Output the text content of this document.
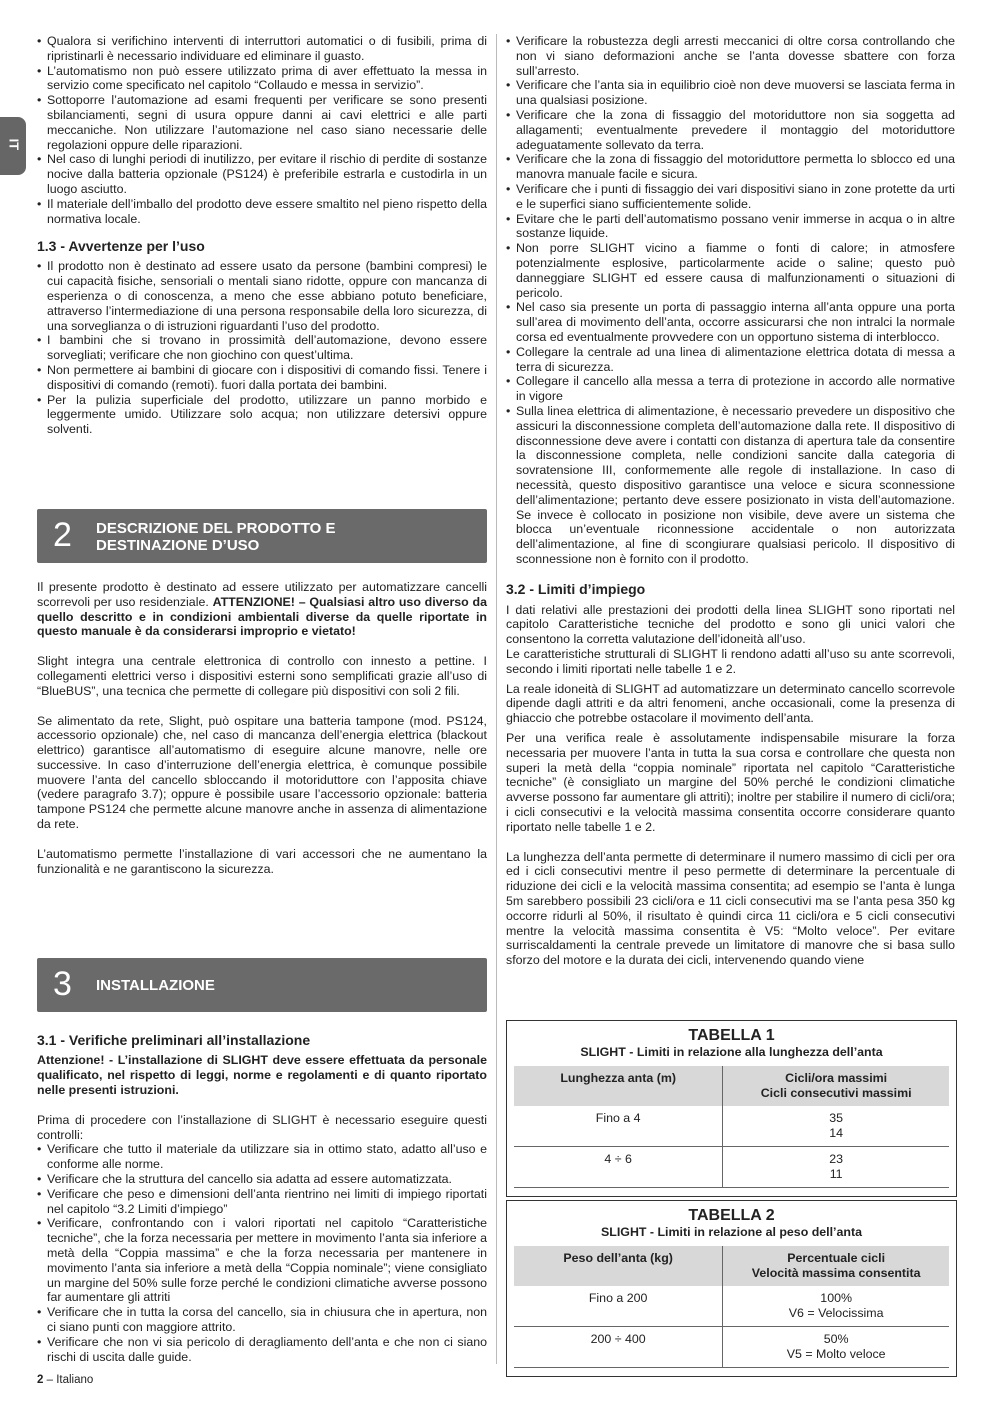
IT
• Qualora si verifichino interventi di interruttori automatici o di fusibili, prima di ripristinarli è necessario individuare ed eliminare il guasto.
• L’automatismo non può essere utilizzato prima di aver effettuato la messa in servizio come specificato nel capitolo “Collaudo e messa in servizio”.
• Sottoporre l’automazione ad esami frequenti per verificare se sono presenti sbilanciamenti, segni di usura oppure danni ai cavi elettrici e alle parti meccaniche. Non utilizzare l’automazione nel caso siano necessarie delle regolazioni oppure delle riparazioni.
• Nel caso di lunghi periodi di inutilizzo, per evitare il rischio di perdite di sostanze nocive dalla batteria opzionale (PS124) è preferibile estrarla e custodirla in un luogo asciutto.
• Il materiale dell’imballo del prodotto deve essere smaltito nel pieno rispetto della normativa locale.
1.3 - Avvertenze per l’uso
• Il prodotto non è destinato ad essere usato da persone (bambini compresi) le cui capacità fisiche, sensoriali o mentali siano ridotte, oppure con mancanza di esperienza o di conoscenza, a meno che esse abbiano potuto beneficiare, attraverso l’intermediazione di una persona responsabile della loro sicurezza, di una sorveglianza o di istruzioni riguardanti l’uso del prodotto.
• I bambini che si trovano in prossimità dell’automazione, devono essere sorvegliati; verificare che non giochino con quest’ultima.
• Non permettere ai bambini di giocare con i dispositivi di comando fissi. Tenere i dispositivi di comando (remoti). fuori dalla portata dei bambini.
• Per la pulizia superficiale del prodotto, utilizzare un panno morbido e leggermente umido. Utilizzare solo acqua; non utilizzare detersivi oppure solventi.
2 DESCRIZIONE DEL PRODOTTO E
DESTINAZIONE D’USO

Il presente prodotto è destinato ad essere utilizzato per automatizzare cancelli scorrevoli per uso residenziale. ATTENZIONE! – Qualsiasi altro uso diverso da quello descritto e in condizioni ambientali diverse da quelle riportate in questo manuale è da considerarsi improprio e vietato!

Slight integra una centrale elettronica di controllo con innesto a pettine. I collegamenti elettrici verso i dispositivi esterni sono semplificati grazie all’uso di “BlueBUS”, una tecnica che permette di collegare più dispositivi con soli 2 fili.

Se alimentato da rete, Slight, può ospitare una batteria tampone (mod. PS124, accessorio opzionale) che, nel caso di mancanza dell’energia elettrica (blackout elettrico) garantisce all’automatismo di eseguire alcune manovre, nelle ore successive. In caso d’interruzione dell’energia elettrica, è comunque possibile muovere l’anta del cancello sbloccando il motoriduttore con l’apposita chiave (vedere paragrafo 3.7); oppure è possibile usare l’accessorio opzionale: batteria tampone PS124 che permette alcune manovre anche in assenza di alimentazione da rete.

L’automatismo permette l’installazione di vari accessori che ne aumentano la funzionalità e ne garantiscono la sicurezza.

3 INSTALLAZIONE
3.1 - Verifiche preliminari all’installazione

Attenzione! - L’installazione di SLIGHT deve essere effettuata da personale qualificato, nel rispetto di leggi, norme e regolamenti e di quanto riportato nelle presenti istruzioni.

Prima di procedere con l’installazione di SLIGHT è necessario eseguire questi controlli:

• Verificare che tutto il materiale da utilizzare sia in ottimo stato, adatto all’uso e conforme alle norme.
• Verificare che la struttura del cancello sia adatta ad essere automatizzata.
• Verificare che peso e dimensioni dell’anta rientrino nei limiti di impiego riportati nel capitolo “3.2 Limiti d’impiego”
• Verificare, confrontando con i valori riportati nel capitolo “Caratteristiche tecniche”, che la forza necessaria per mettere in movimento l’anta sia inferiore a metà della “Coppia massima” e che la forza necessaria per mantenere in movimento l’anta sia inferiore a metà della “Coppia nominale”; viene consigliato un margine del 50% sulle forze perché le condizioni climatiche avverse possono far aumentare gli attriti
• Verificare che in tutta la corsa del cancello, sia in chiusura che in apertura, non ci siano punti con maggiore attrito.
• Verificare che non vi sia pericolo di deragliamento dell’anta e che non ci siano rischi di uscita dalle guide.
• Verificare la robustezza degli arresti meccanici di oltre corsa controllando che non vi siano deformazioni anche se l’anta dovesse sbattere con forza sull’arresto.
• Verificare che l’anta sia in equilibrio cioè non deve muoversi se lasciata ferma in una qualsiasi posizione.
• Verificare che la zona di fissaggio del motoriduttore non sia soggetta ad allagamenti; eventualmente prevedere il montaggio del motoriduttore adeguatamente sollevato da terra.
• Verificare che la zona di fissaggio del motoriduttore permetta lo sblocco ed una manovra manuale facile e sicura.
• Verificare che i punti di fissaggio dei vari dispositivi siano in zone protette da urti e le superfici siano sufficientemente solide.
• Evitare che le parti dell’automatismo possano venir immerse in acqua o in altre sostanze liquide.
• Non porre SLIGHT vicino a fiamme o fonti di calore; in atmosfere potenzialmente esplosive, particolarmente acide o saline; questo può danneggiare SLIGHT ed essere causa di malfunzionamenti o situazioni di pericolo.
• Nel caso sia presente un porta di passaggio interna all’anta oppure una porta sull’area di movimento dell’anta, occorre assicurarsi che non intralci la normale corsa ed eventualmente provvedere con un opportuno sistema di interblocco.
• Collegare la centrale ad una linea di alimentazione elettrica dotata di messa a terra di sicurezza.
• Collegare il cancello alla messa a terra di protezione in accordo alle normative in vigore
• Sulla linea elettrica di alimentazione, è necessario prevedere un dispositivo che assicuri la disconnessione completa dell’automazione dalla rete. Il dispositivo di disconnessione deve avere i contatti con distanza di apertura tale da consentire la disconnessione completa, nelle condizioni sancite dalla categoria di sovratensione III, conformemente alle regole di installazione. In caso di necessità, questo dispositivo garantisce una veloce e sicura sconnessione dell’alimentazione; pertanto deve essere posizionato in vista dell’automazione. Se invece è collocato in posizione non visibile, deve avere un sistema che blocca un’eventuale riconnessione accidentale o non autorizzata dell’alimentazione, al fine di scongiurare qualsiasi pericolo. Il dispositivo di sconnessione non è fornito con il prodotto.
3.2 - Limiti d’impiego

I dati relativi alle prestazioni dei prodotti della linea SLIGHT sono riportati nel capitolo Caratteristiche tecniche del prodotto e sono gli unici valori che consentono la corretta valutazione dell’idoneità all’uso.

Le caratteristiche strutturali di SLIGHT li rendono adatti all’uso su ante scorrevoli, secondo i limiti riportati nelle tabelle 1 e 2.

La reale idoneità di SLIGHT ad automatizzare un determinato cancello scorrevole dipende dagli attriti e da altri fenomeni, anche occasionali, come la presenza di ghiaccio che potrebbe ostacolare il movimento dell’anta.

Per una verifica reale è assolutamente indispensabile misurare la forza necessaria per muovere l’anta in tutta la sua corsa e controllare che questa non superi la metà della “coppia nominale” riportata nel capitolo “Caratteristiche tecniche” (è consigliato un margine del 50% perché le condizioni climatiche avverse possono far aumentare gli attriti); inoltre per stabilire il numero di cicli/ora; i cicli consecutivi e la velocità massima consentita occorre considerare quanto riportato nelle tabelle 1 e 2.

La lunghezza dell’anta permette di determinare il numero massimo di cicli per ora ed i cicli consecutivi mentre il peso permette di determinare la percentuale di riduzione dei cicli e la velocità massima consentita; ad esempio se l’anta è lunga 5m sarebbero possibili 23 cicli/ora e 11 cicli consecutivi ma se l’anta pesa 350 kg occorre ridurli al 50%, il risultato è quindi circa 11 cicli/ora e 5 cicli consecutivi mentre la velocità massima consentita è V5: “Molto veloce”. Per evitare surriscaldamenti la centrale prevede un limitatore di manovre che si basa sullo sforzo del motore e la durata dei cicli, intervenendo quando viene

TABELLA 1
SLIGHT - Limiti in relazione alla lunghezza dell’anta
Lunghezza anta (m)	Cicli/ora massimi
Cicli consecutivi massimi

Fino a 4	35
14

4 ÷ 6	23
11
TABELLA 2
SLIGHT - Limiti in relazione al peso dell’anta
Peso dell’anta (kg)	Percentuale cicli
Velocità massima consentita

Fino a 200	100%
V6 = Velocissima

200 ÷ 400	50%
V5 = Molto veloce
2 – Italiano
